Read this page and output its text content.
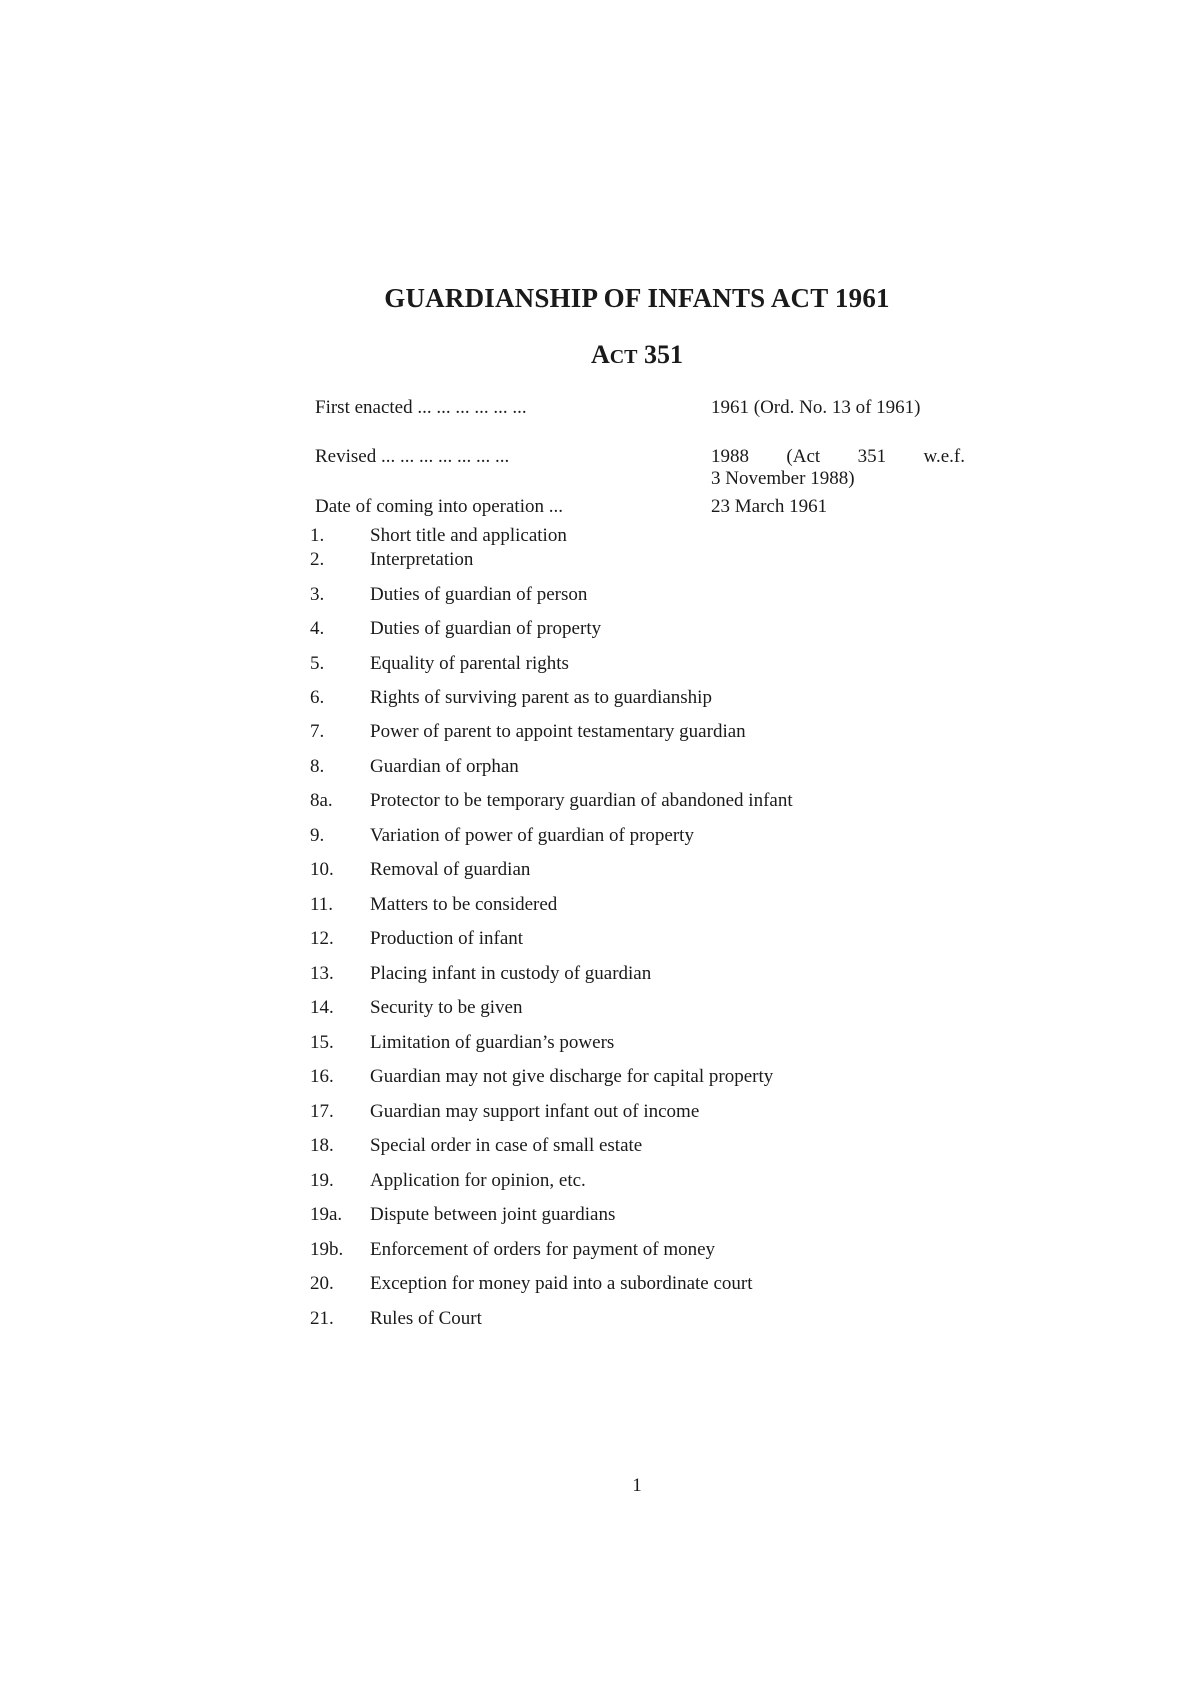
GUARDIANSHIP OF INFANTS ACT 1961
ACT 351
First enacted ... ... ... ... ... ...	1961 (Ord. No. 13 of 1961)
Revised ... ... ... ... ... ... ...	1988 (Act 351 w.e.f.
3 November 1988)
Date of coming into operation ...	23 March 1961
1. Short title and application
2. Interpretation
3. Duties of guardian of person
4. Duties of guardian of property
5. Equality of parental rights
6. Rights of surviving parent as to guardianship
7. Power of parent to appoint testamentary guardian
8. Guardian of orphan
8a. Protector to be temporary guardian of abandoned infant
9. Variation of power of guardian of property
10. Removal of guardian
11. Matters to be considered
12. Production of infant
13. Placing infant in custody of guardian
14. Security to be given
15. Limitation of guardian’s powers
16. Guardian may not give discharge for capital property
17. Guardian may support infant out of income
18. Special order in case of small estate
19. Application for opinion, etc.
19a. Dispute between joint guardians
19b. Enforcement of orders for payment of money
20. Exception for money paid into a subordinate court
21. Rules of Court
1
